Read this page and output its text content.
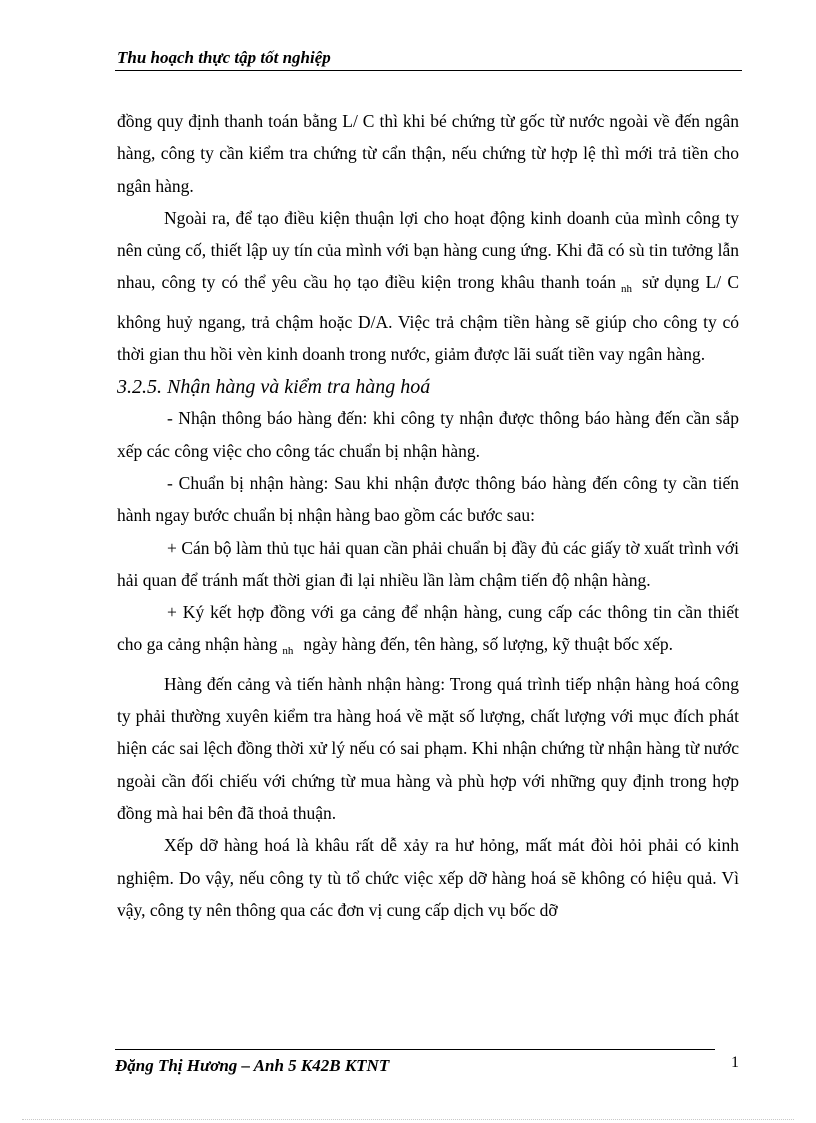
Thu hoạch thực tập tốt nghiệp

đồng quy định thanh toán bằng L/ C thì khi bé chứng từ gốc từ nước ngoài về đến ngân hàng, công ty cần kiểm tra chứng từ cẩn thận, nếu chứng từ hợp lệ thì mới trả tiền cho ngân hàng.

Ngoài ra, để tạo điều kiện thuận lợi cho hoạt động kinh doanh của mình công ty nên củng cố, thiết lập uy tín của mình với bạn hàng cung ứng. Khi đã có sù tin tưởng lẫn nhau, công ty có thể yêu cầu họ tạo điều kiện trong khâu thanh toán $_{nh}$ sử dụng L/ C không huỷ ngang, trả chậm hoặc D/A. Việc trả chậm tiền hàng sẽ giúp cho công ty có thời gian thu hồi vèn kinh doanh trong nước, giảm được lãi suất tiền vay ngân hàng.

3.2.5. Nhận hàng và kiểm tra hàng hoá

- Nhận thông báo hàng đến: khi công ty nhận được thông báo hàng đến cần sắp xếp các công việc cho công tác chuẩn bị nhận hàng.

- Chuẩn bị nhận hàng: Sau khi nhận được thông báo hàng đến công ty cần tiến hành ngay bước chuẩn bị nhận hàng bao gồm các bước sau:

+ Cán bộ làm thủ tục hải quan cần phải chuẩn bị đầy đủ các giấy tờ xuất trình với hải quan để tránh mất thời gian đi lại nhiều lần làm chậm tiến độ nhận hàng.

+ Ký kết hợp đồng với ga cảng để nhận hàng, cung cấp các thông tin cần thiết cho ga cảng nhận hàng $_{nh}$ ngày hàng đến, tên hàng, số lượng, kỹ thuật bốc xếp.

Hàng đến cảng và tiến hành nhận hàng: Trong quá trình tiếp nhận hàng hoá công ty phải thường xuyên kiểm tra hàng hoá về mặt số lượng, chất lượng với mục đích phát hiện các sai lệch đồng thời xử lý nếu có sai phạm. Khi nhận chứng từ nhận hàng từ nước ngoài cần đối chiếu với chứng từ mua hàng và phù hợp với những quy định trong hợp đồng mà hai bên đã thoả thuận.

Xếp dỡ hàng hoá là khâu rất dễ xảy ra hư hỏng, mất mát đòi hỏi phải có kinh nghiệm. Do vậy, nếu công ty tù tổ chức việc xếp dỡ hàng hoá sẽ không có hiệu quả. Vì vậy, công ty nên thông qua các đơn vị cung cấp dịch vụ bốc dỡ

Đặng Thị Hương – Anh 5 K42B KTNT	1
